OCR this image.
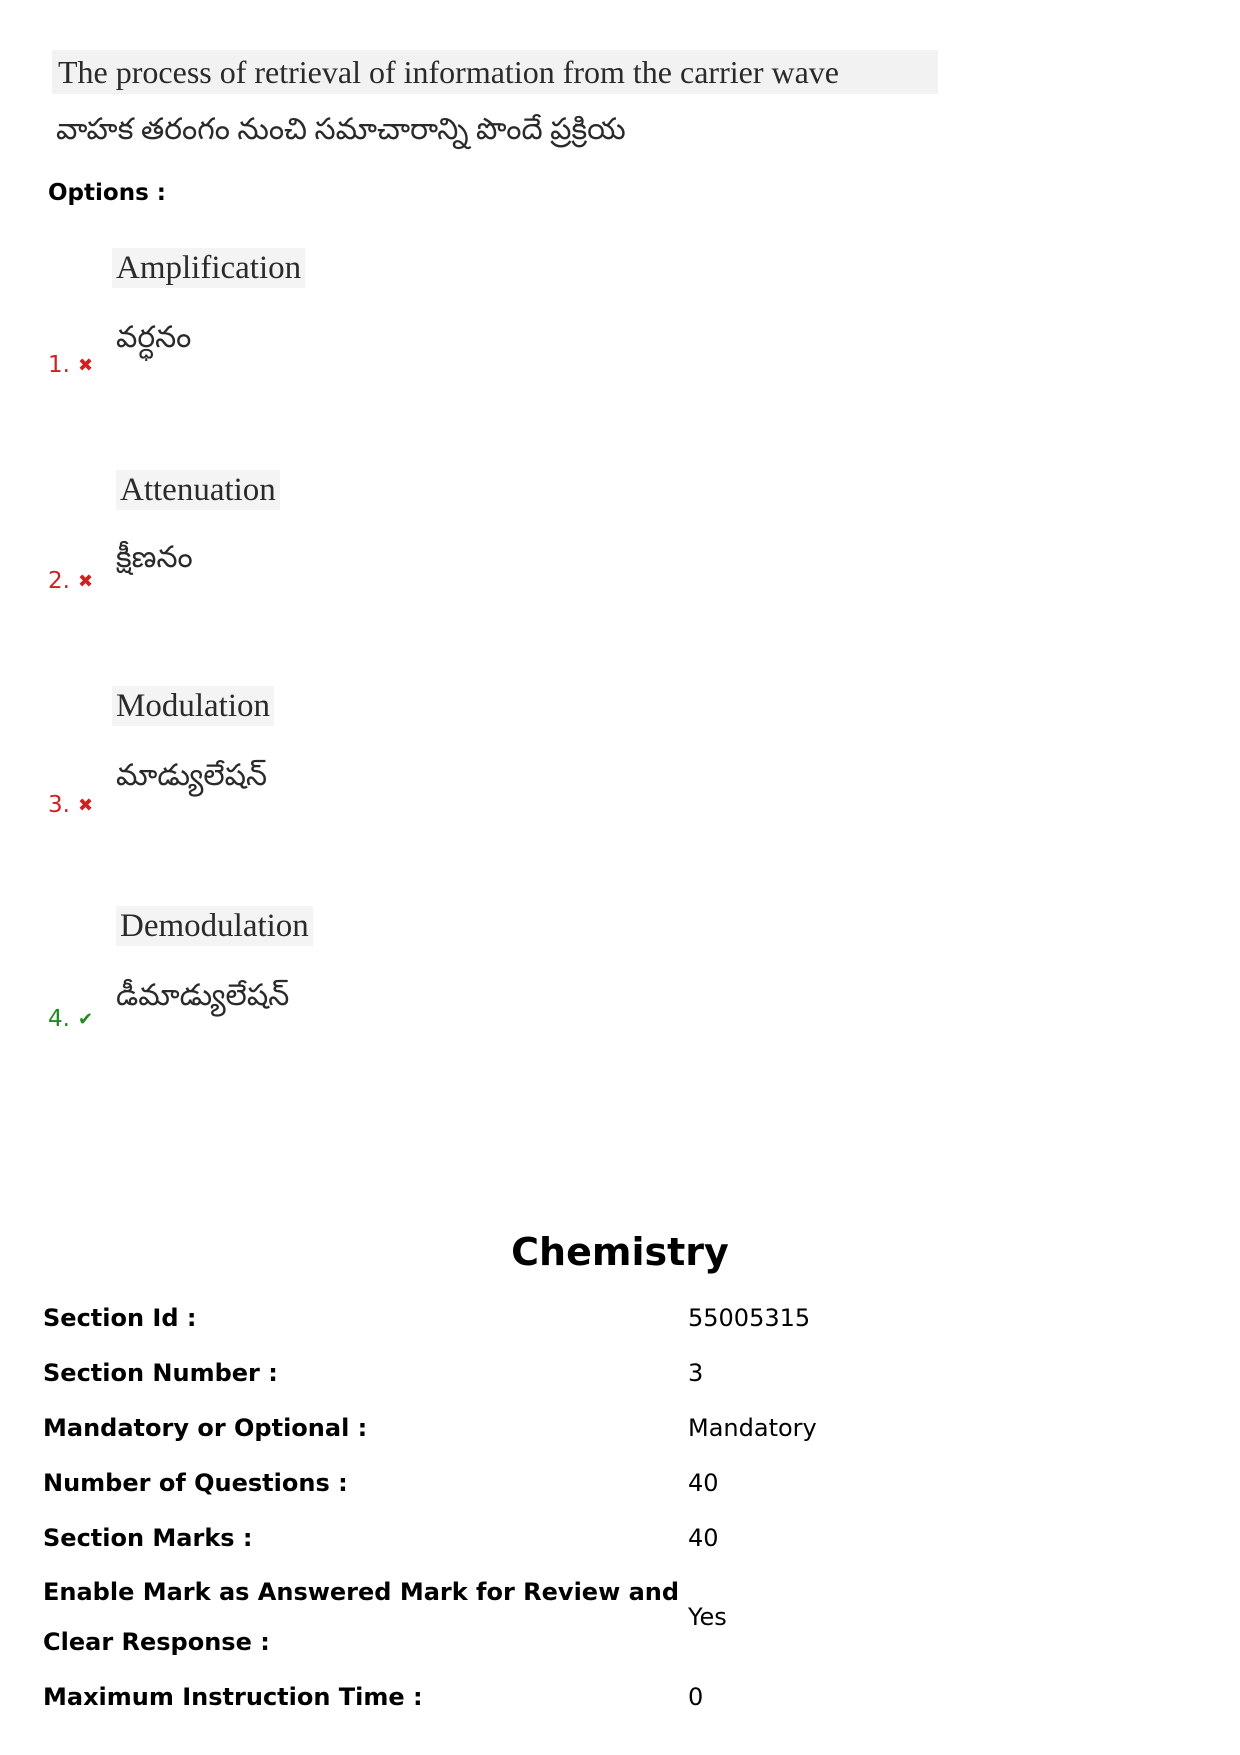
The process of retrieval of information from the carrier wave
వాహక తరంగం నుంచి సమాచారాన్ని పొందే ప్రక్రియ
Options :
Amplification
వర్ధనం
1. ✖
Attenuation
క్షీణనం
2. ✖
Modulation
మాడ్యులేషన్
3. ✖
Demodulation
డీమాడ్యులేషన్
4. ✔
Chemistry
Section Id :	55005315
Section Number :	3
Mandatory or Optional :	Mandatory
Number of Questions :	40
Section Marks :	40
Enable Mark as Answered Mark for Review and Clear Response :	Yes
Maximum Instruction Time :	0
